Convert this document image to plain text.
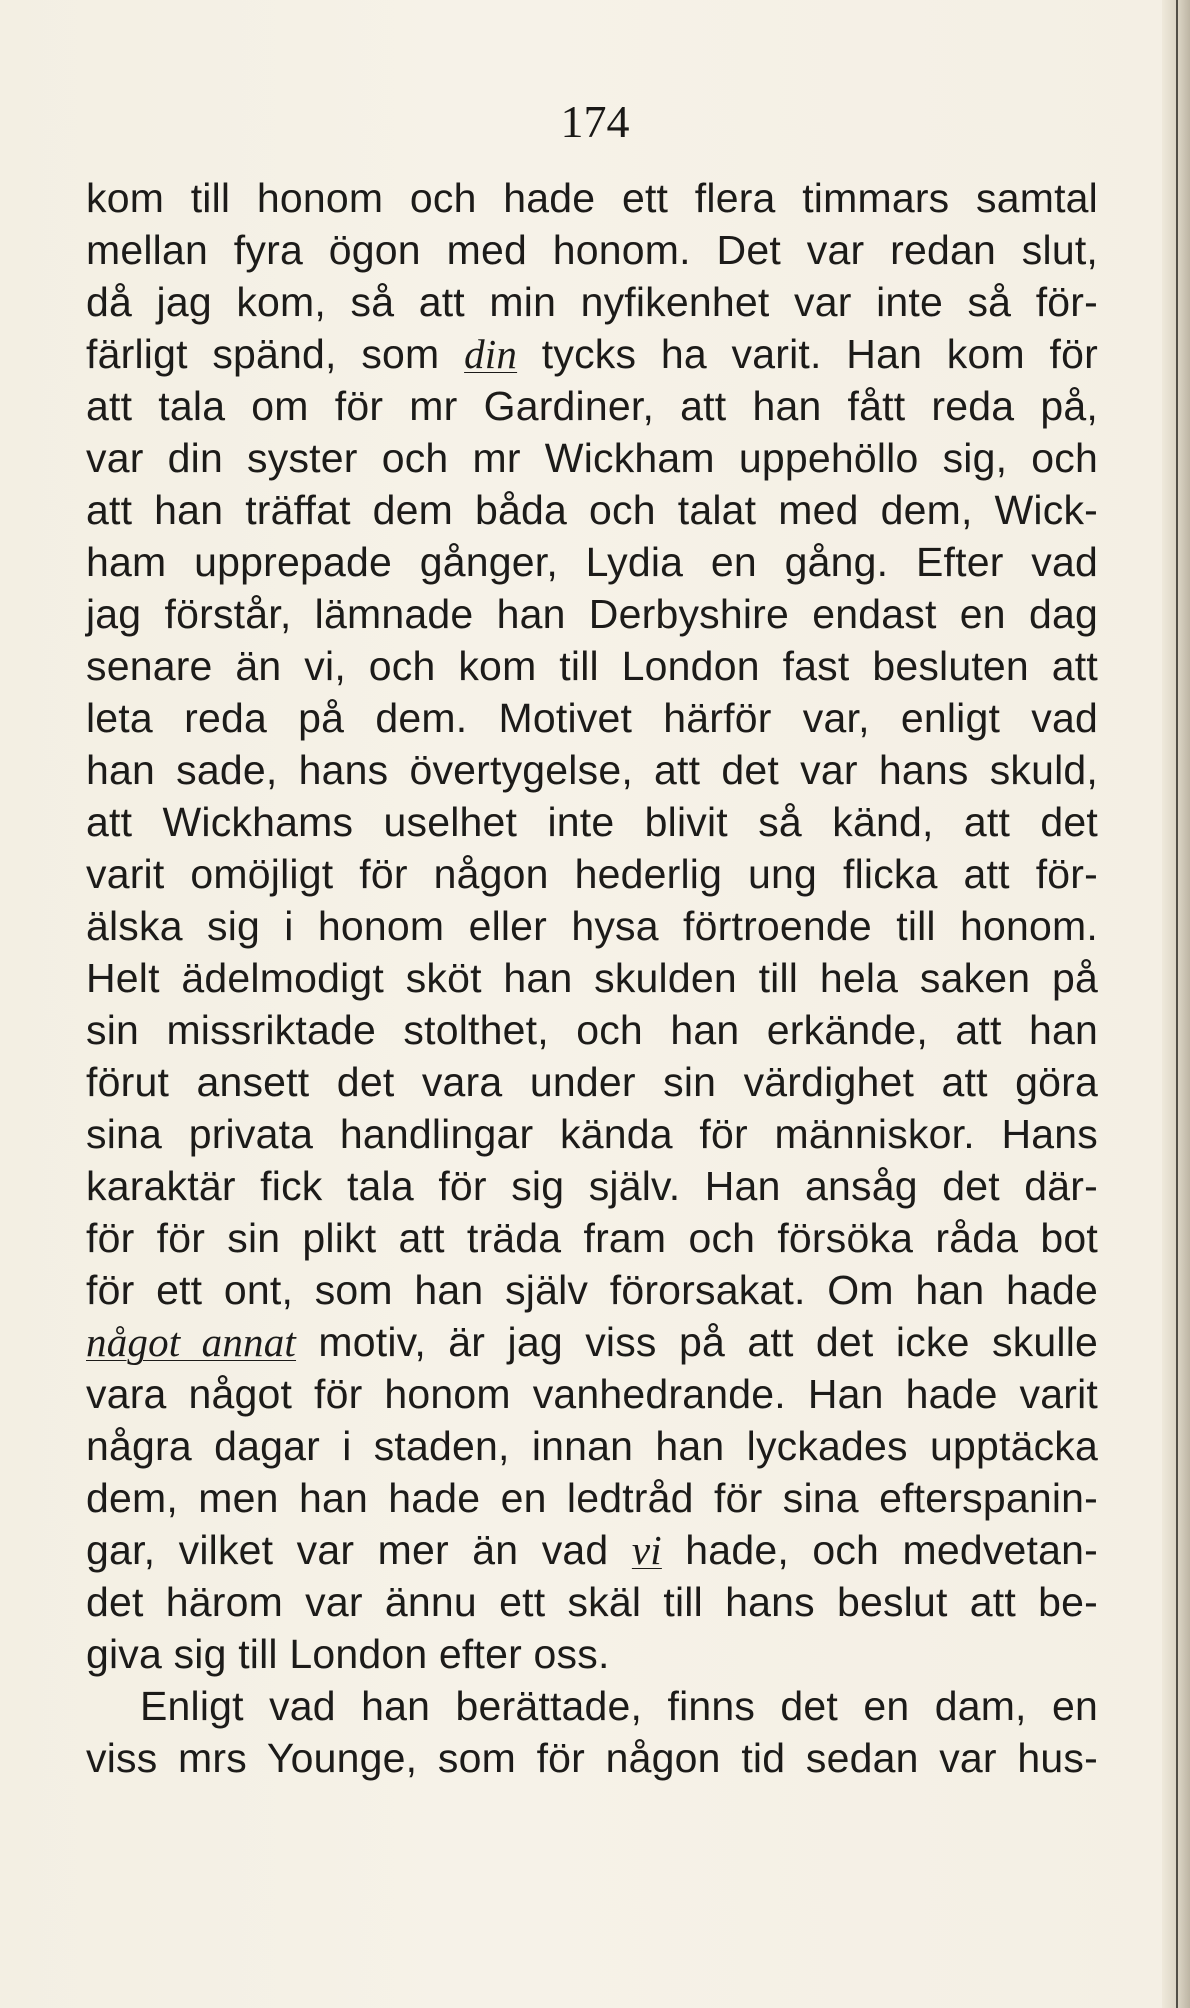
174
kom till honom och hade ett flera timmars samtal
mellan fyra ögon med honom. Det var redan slut,
då jag kom, så att min nyfikenhet var inte så för-
färligt spänd, som din tycks ha varit. Han kom för
att tala om för mr Gardiner, att han fått reda på,
var din syster och mr Wickham uppehöllo sig, och
att han träffat dem båda och talat med dem, Wick-
ham upprepade gånger, Lydia en gång. Efter vad
jag förstår, lämnade han Derbyshire endast en dag
senare än vi, och kom till London fast besluten att
leta reda på dem. Motivet härför var, enligt vad
han sade, hans övertygelse, att det var hans skuld,
att Wickhams uselhet inte blivit så känd, att det
varit omöjligt för någon hederlig ung flicka att för-
älska sig i honom eller hysa förtroende till honom.
Helt ädelmodigt sköt han skulden till hela saken på
sin missriktade stolthet, och han erkände, att han
förut ansett det vara under sin värdighet att göra
sina privata handlingar kända för människor. Hans
karaktär fick tala för sig själv. Han ansåg det där-
för för sin plikt att träda fram och försöka råda bot
för ett ont, som han själv förorsakat. Om han hade
något annat motiv, är jag viss på att det icke skulle
vara något för honom vanhedrande. Han hade varit
några dagar i staden, innan han lyckades upptäcka
dem, men han hade en ledtråd för sina efterspanin-
gar, vilket var mer än vad vi hade, och medvetan-
det härom var ännu ett skäl till hans beslut att be-
giva sig till London efter oss.
Enligt vad han berättade, finns det en dam, en
viss mrs Younge, som för någon tid sedan var hus-
